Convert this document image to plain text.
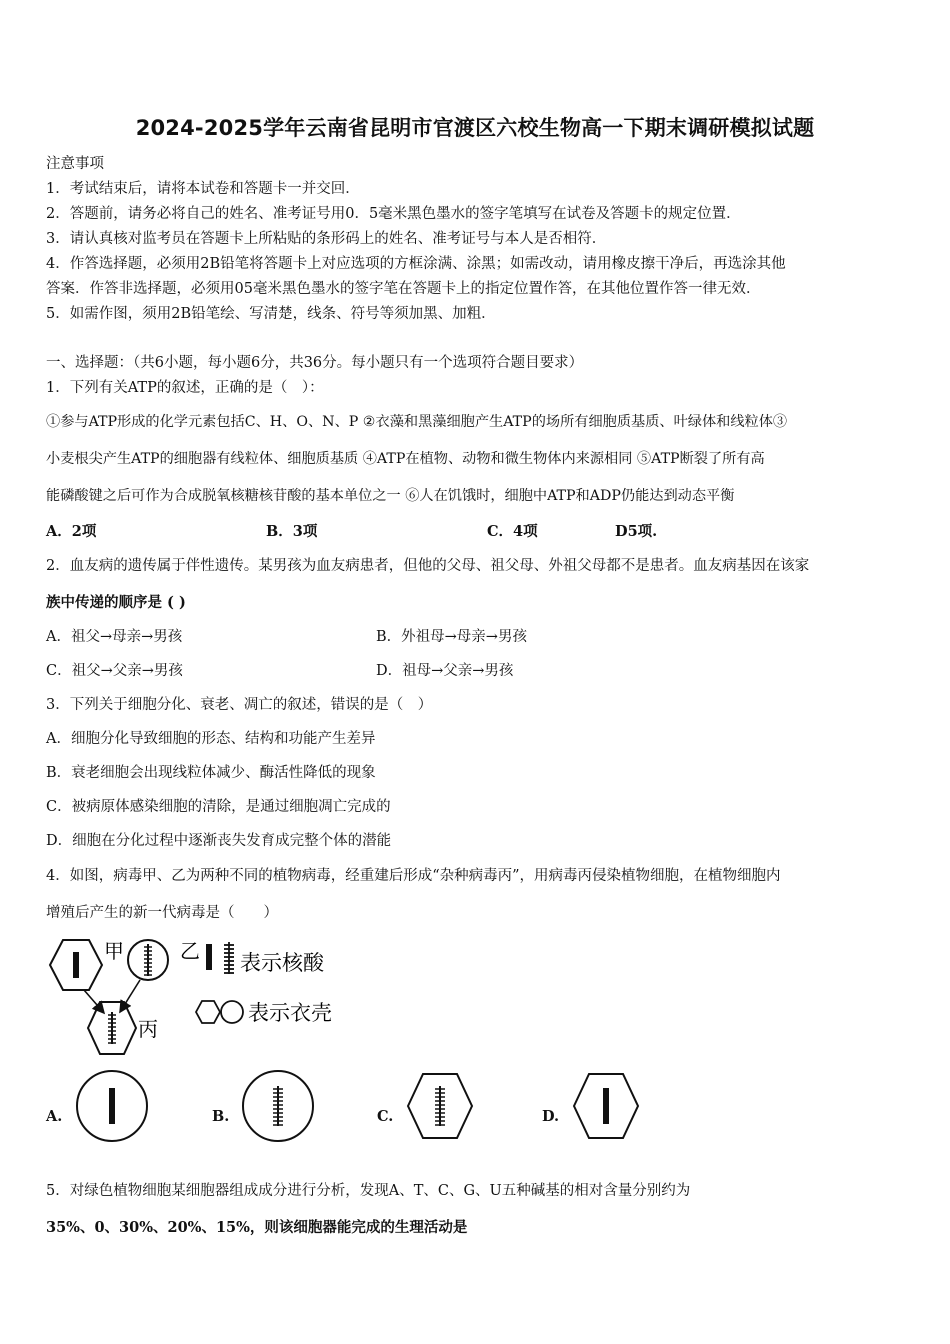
2024-2025学年云南省昆明市官渡区六校生物高一下期末调研模拟试题
注意事项
1．考试结束后，请将本试卷和答题卡一并交回．
2．答题前，请务必将自己的姓名、准考证号用0．5毫米黑色墨水的签字笔填写在试卷及答题卡的规定位置．
3．请认真核对监考员在答题卡上所粘贴的条形码上的姓名、准考证号与本人是否相符．
4．作答选择题，必须用2B铅笔将答题卡上对应选项的方框涂满、涂黑；如需改动，请用橡皮擦干净后，再选涂其他
答案．作答非选择题，必须用05毫米黑色墨水的签字笔在答题卡上的指定位置作答，在其他位置作答一律无效．
5．如需作图，须用2B铅笔绘、写清楚，线条、符号等须加黑、加粗．
一、选择题：（共6小题，每小题6分，共36分。每小题只有一个选项符合题目要求）
1．下列有关ATP的叙述，正确的是（　）：
①参与ATP形成的化学元素包括C、H、O、N、P ②衣藻和黑藻细胞产生ATP的场所有细胞质基质、叶绿体和线粒体③
小麦根尖产生ATP的细胞器有线粒体、细胞质基质 ④ATP在植物、动物和微生物体内来源相同 ⑤ATP断裂了所有高
能磷酸键之后可作为合成脱氧核糖核苷酸的基本单位之一 ⑥人在饥饿时，细胞中ATP和ADP仍能达到动态平衡
A．2项	B．3项	C．4项	D5项.
2．血友病的遗传属于伴性遗传。某男孩为血友病患者，但他的父母、祖父母、外祖父母都不是患者。血友病基因在该家
族中传递的顺序是 ( )
A．祖父→母亲→男孩	B．外祖母→母亲→男孩
C．祖父→父亲→男孩	D．祖母→父亲→男孩
3．下列关于细胞分化、衰老、凋亡的叙述，错误的是（　）
A．细胞分化导致细胞的形态、结构和功能产生差异
B．衰老细胞会出现线粒体减少、酶活性降低的现象
C．被病原体感染细胞的清除，是通过细胞凋亡完成的
D．细胞在分化过程中逐渐丧失发育成完整个体的潜能
4．如图，病毒甲、乙为两种不同的植物病毒，经重建后形成“杂种病毒丙”，用病毒丙侵染植物细胞，在植物细胞内
增殖后产生的新一代病毒是（　　）
甲	乙 表示核酸
丙
表示衣壳
A.	B.	C.	D.
5．对绿色植物细胞某细胞器组成成分进行分析，发现A、T、C、G、U五种碱基的相对含量分别约为
35%、0、30%、20%、15%，则该细胞器能完成的生理活动是
